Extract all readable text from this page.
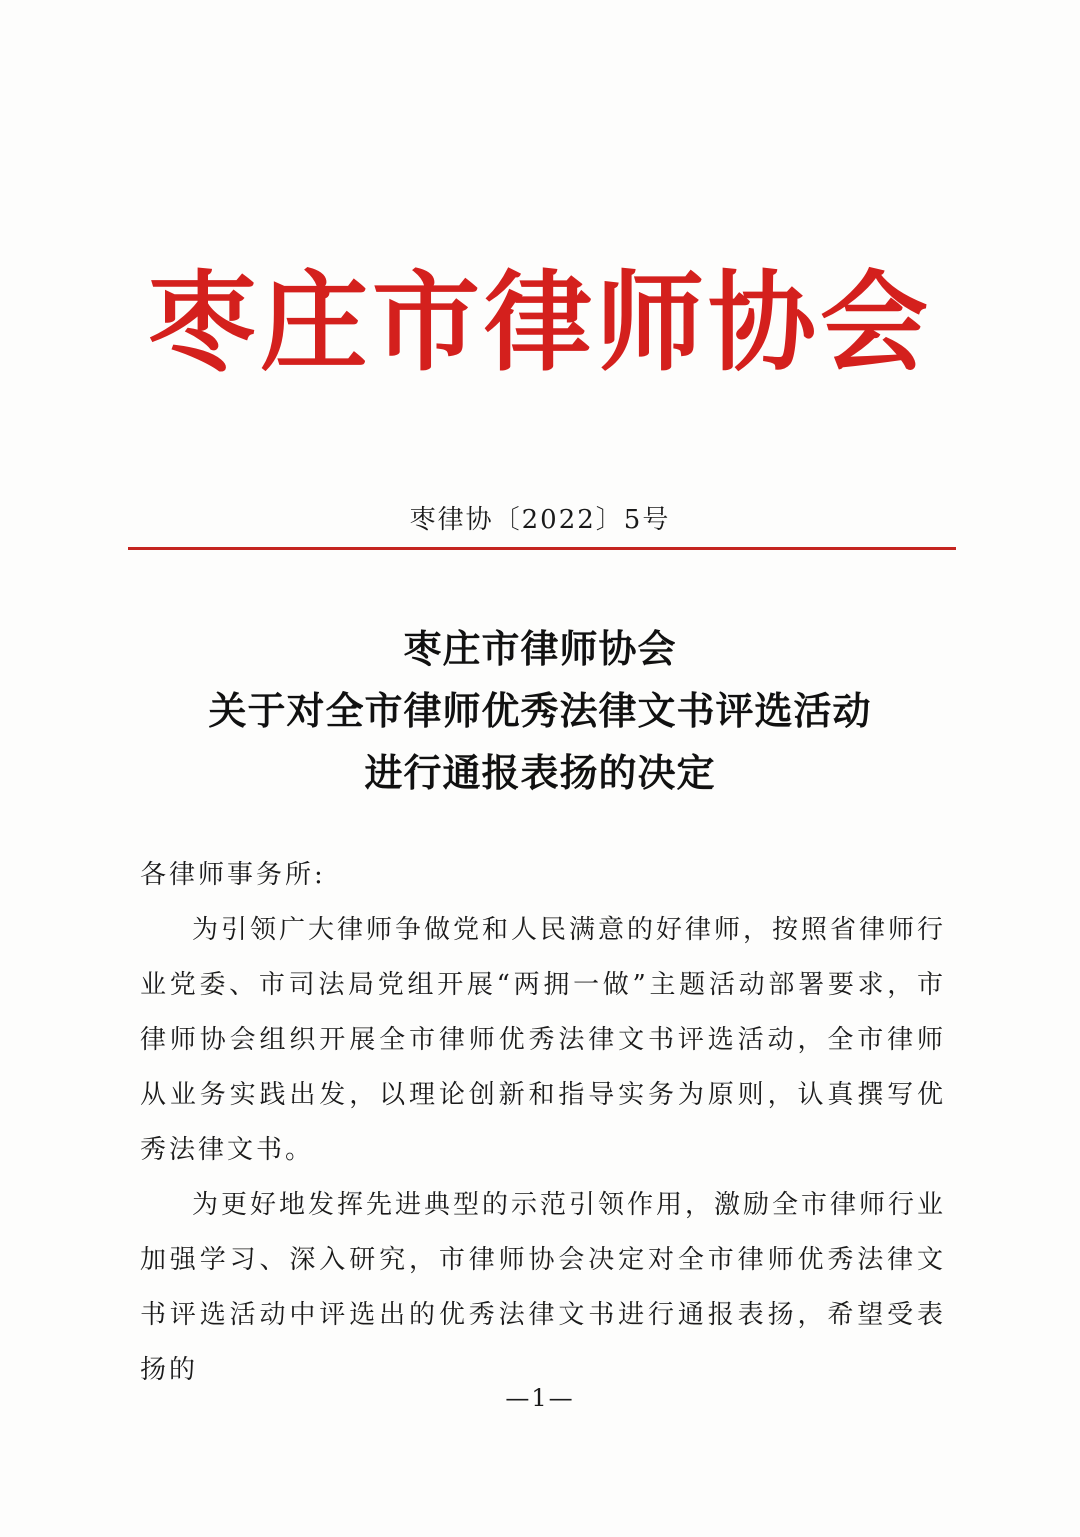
枣庄市律师协会
枣律协〔2022〕5号
枣庄市律师协会
关于对全市律师优秀法律文书评选活动
进行通报表扬的决定

各律师事务所:

为引领广大律师争做党和人民满意的好律师，按照省律师行业党委、市司法局党组开展“两拥一做”主题活动部署要求，市律师协会组织开展全市律师优秀法律文书评选活动，全市律师从业务实践出发，以理论创新和指导实务为原则，认真撰写优秀法律文书。

为更好地发挥先进典型的示范引领作用，激励全市律师行业加强学习、深入研究，市律师协会决定对全市律师优秀法律文书评选活动中评选出的优秀法律文书进行通报表扬，希望受表扬的

—1—
